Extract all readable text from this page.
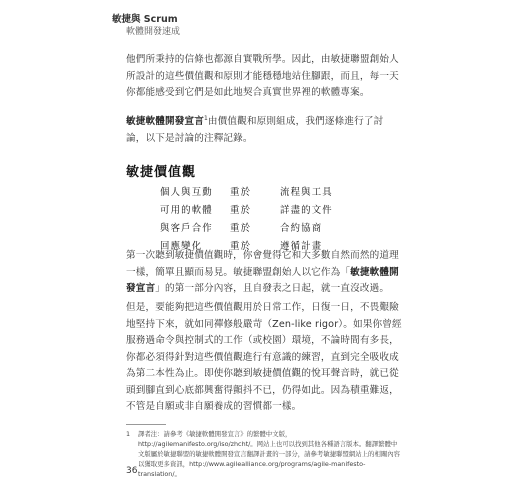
敏捷與 Scrum
軟體開發速成
他們所秉持的信條也都源自實戰所學。因此，由敏捷聯盟創始人所設計的這些價值觀和原則才能穩穩地站住腳跟，而且，每一天你都能感受到它們是如此地契合真實世界裡的軟體專案。
敏捷軟體開發宣言$^1$由價值觀和原則組成，我們逐條進行了討論，以下是討論的注釋記錄。
敏捷價值觀
個人與互動	重於	流程與工具
可用的軟體	重於	詳盡的文件
與客戶合作	重於	合約協商
回應變化	重於	遵循計畫
第一次聽到敏捷價值觀時，你會覺得它和大多數自然而然的道理一樣，簡單且顯而易見。敏捷聯盟創始人以它作為「敏捷軟體開發宣言」的第一部分內容，且自發表之日起，就一直沒改過。
但是，要能夠把這些價值觀用於日常工作，日復一日，不畏艱險地堅持下來，就如同禪修般嚴苛（Zen-like rigor）。如果你曾經服務過命令與控制式的工作（或校園）環境，不論時間有多長，你都必須得針對這些價值觀進行有意識的練習，直到完全吸收成為第二本性為止。即使你聽到敏捷價值觀的悅耳聲音時，就已從頭到腳直到心底都興奮得顫抖不已，仍得如此。因為積重難返，不管是自願或非自願養成的習慣都一樣。
1 譯者注：請參考《敏捷軟體開發宣言》的繁體中文版，http://agilemanifesto.org/iso/zhcht/。网站上也可以找到其他各種語言版本。翻譯繁體中文版屬於敏捷聯盟的敏捷軟體開發宣言翻譯計畫的一部分，請參考敏捷聯盟網站上的相關內容以獲取更多資訊，http://www.agilealliance.org/programs/agile-manifesto-translation/。
36
